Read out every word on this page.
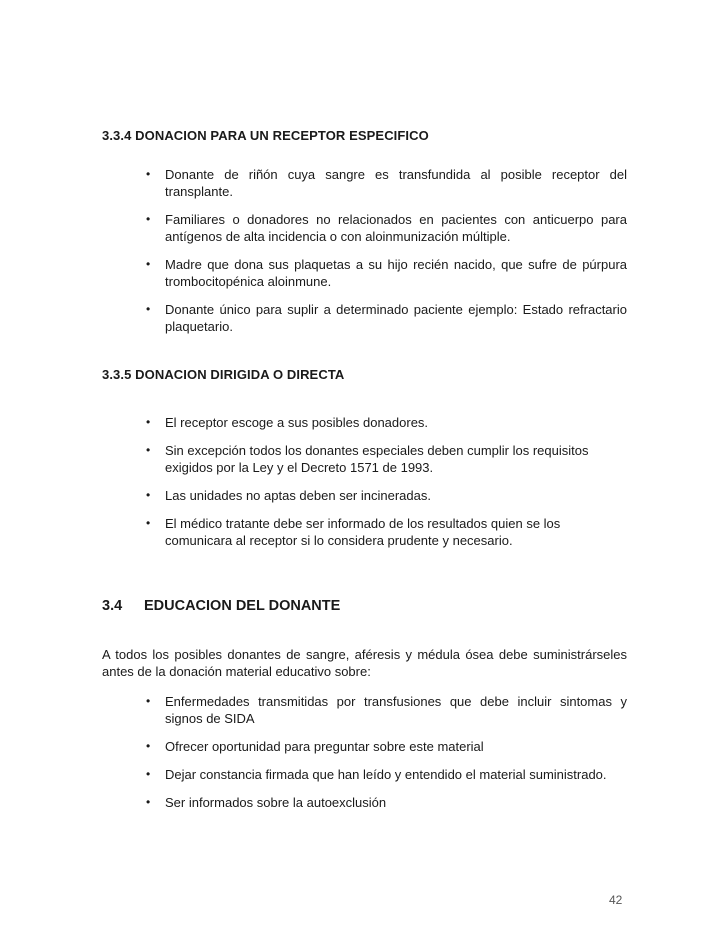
3.3.4 DONACION PARA UN RECEPTOR ESPECIFICO
• Donante de riñón cuya sangre es transfundida al posible receptor del transplante.
• Familiares o donadores no relacionados en pacientes con anticuerpo para antígenos de alta incidencia o con aloinmunización múltiple.
• Madre que dona sus plaquetas a su hijo recién nacido, que sufre de púrpura trombocitopénica aloinmune.
• Donante único para suplir a determinado paciente ejemplo: Estado refractario plaquetario.
3.3.5 DONACION DIRIGIDA O DIRECTA
• El receptor escoge a sus posibles donadores.
• Sin excepción todos los donantes especiales deben cumplir los requisitos exigidos por la Ley y el Decreto 1571 de 1993.
• Las unidades no aptas deben ser incineradas.
• El médico tratante debe ser informado de los resultados quien se los comunicara al receptor si lo considera prudente y necesario.
3.4 EDUCACION DEL DONANTE

A todos los posibles donantes de sangre, aféresis y médula ósea debe suministrárseles antes de la donación material educativo sobre:

• Enfermedades transmitidas por transfusiones que debe incluir sintomas y signos de SIDA
• Ofrecer oportunidad para preguntar sobre este material
• Dejar constancia firmada que han leído y entendido el material suministrado.
• Ser informados sobre la autoexclusión
42
